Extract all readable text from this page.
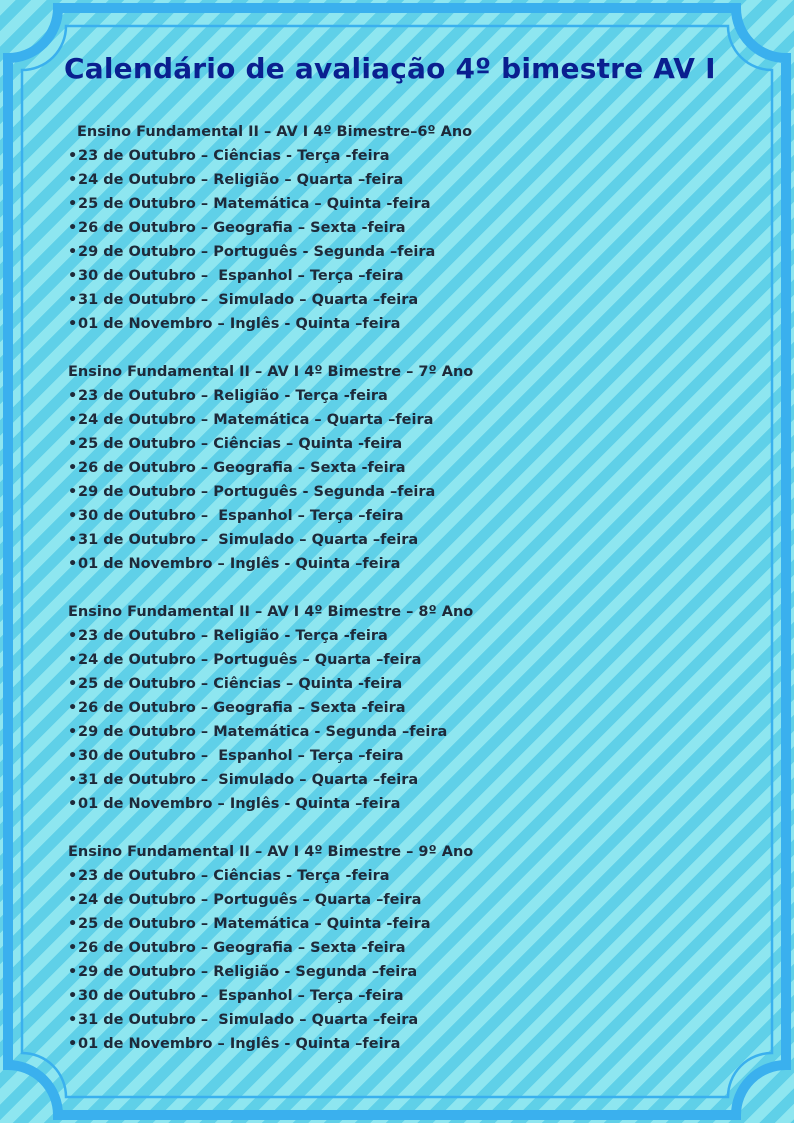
Calendário de avaliação 4º bimestre AV I
Ensino Fundamental II – AV I 4º Bimestre–6º Ano
•23 de Outubro – Ciências - Terça -feira
•24 de Outubro – Religião – Quarta –feira
•25 de Outubro – Matemática – Quinta -feira
•26 de Outubro – Geografia – Sexta -feira
•29 de Outubro – Português - Segunda –feira
•30 de Outubro –  Espanhol – Terça –feira
•31 de Outubro –  Simulado – Quarta –feira
•01 de Novembro – Inglês - Quinta –feira
Ensino Fundamental II – AV I 4º Bimestre – 7º Ano
•23 de Outubro – Religião - Terça -feira
•24 de Outubro – Matemática – Quarta –feira
•25 de Outubro – Ciências – Quinta -feira
•26 de Outubro – Geografia – Sexta -feira
•29 de Outubro – Português - Segunda –feira
•30 de Outubro –  Espanhol – Terça –feira
•31 de Outubro –  Simulado – Quarta –feira
•01 de Novembro – Inglês - Quinta –feira
Ensino Fundamental II – AV I 4º Bimestre – 8º Ano
•23 de Outubro – Religião - Terça -feira
•24 de Outubro – Português – Quarta –feira
•25 de Outubro – Ciências – Quinta -feira
•26 de Outubro – Geografia – Sexta -feira
•29 de Outubro – Matemática - Segunda –feira
•30 de Outubro –  Espanhol – Terça –feira
•31 de Outubro –  Simulado – Quarta –feira
•01 de Novembro – Inglês - Quinta –feira
Ensino Fundamental II – AV I 4º Bimestre – 9º Ano
•23 de Outubro – Ciências - Terça -feira
•24 de Outubro – Português – Quarta –feira
•25 de Outubro – Matemática – Quinta -feira
•26 de Outubro – Geografia – Sexta -feira
•29 de Outubro – Religião - Segunda –feira
•30 de Outubro –  Espanhol – Terça –feira
•31 de Outubro –  Simulado – Quarta –feira
•01 de Novembro – Inglês - Quinta –feira
